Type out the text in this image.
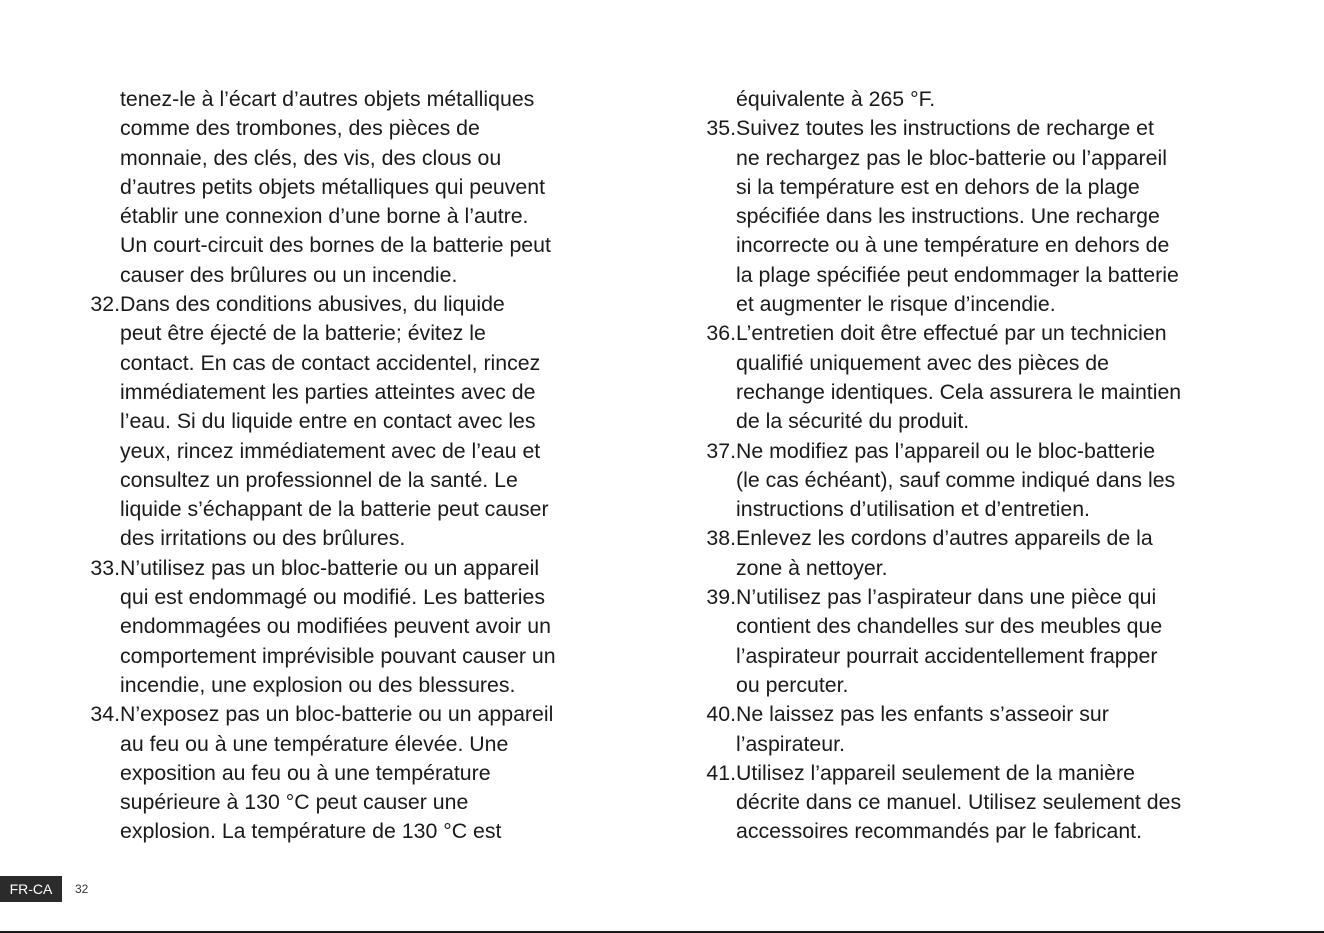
tenez-le à l’écart d’autres objets métalliques
comme des trombones, des pièces de
monnaie, des clés, des vis, des clous ou
d’autres petits objets métalliques qui peuvent
établir une connexion d’une borne à l’autre.
Un court-circuit des bornes de la batterie peut
causer des brûlures ou un incendie.
32. Dans des conditions abusives, du liquide
peut être éjecté de la batterie; évitez le
contact. En cas de contact accidentel, rincez
immédiatement les parties atteintes avec de
l’eau. Si du liquide entre en contact avec les
yeux, rincez immédiatement avec de l’eau et
consultez un professionnel de la santé. Le
liquide s’échappant de la batterie peut causer
des irritations ou des brûlures.
33. N’utilisez pas un bloc-batterie ou un appareil
qui est endommagé ou modifié. Les batteries
endommagées ou modifiées peuvent avoir un
comportement imprévisible pouvant causer un
incendie, une explosion ou des blessures.
34. N’exposez pas un bloc-batterie ou un appareil
au feu ou à une température élevée. Une
exposition au feu ou à une température
supérieure à 130 °C peut causer une
explosion. La température de 130 °C est
équivalente à 265 °F.
35. Suivez toutes les instructions de recharge et
ne rechargez pas le bloc-batterie ou l’appareil
si la température est en dehors de la plage
spécifiée dans les instructions. Une recharge
incorrecte ou à une température en dehors de
la plage spécifiée peut endommager la batterie
et augmenter le risque d’incendie.
36. L’entretien doit être effectué par un technicien
qualifié uniquement avec des pièces de
rechange identiques. Cela assurera le maintien
de la sécurité du produit.
37. Ne modifiez pas l’appareil ou le bloc-batterie
(le cas échéant), sauf comme indiqué dans les
instructions d’utilisation et d’entretien.
38. Enlevez les cordons d’autres appareils de la
zone à nettoyer.
39. N’utilisez pas l’aspirateur dans une pièce qui
contient des chandelles sur des meubles que
l’aspirateur pourrait accidentellement frapper
ou percuter.
40. Ne laissez pas les enfants s’asseoir sur
l’aspirateur.
41. Utilisez l’appareil seulement de la manière
décrite dans ce manuel. Utilisez seulement des
accessoires recommandés par le fabricant.
FR-CA	32
